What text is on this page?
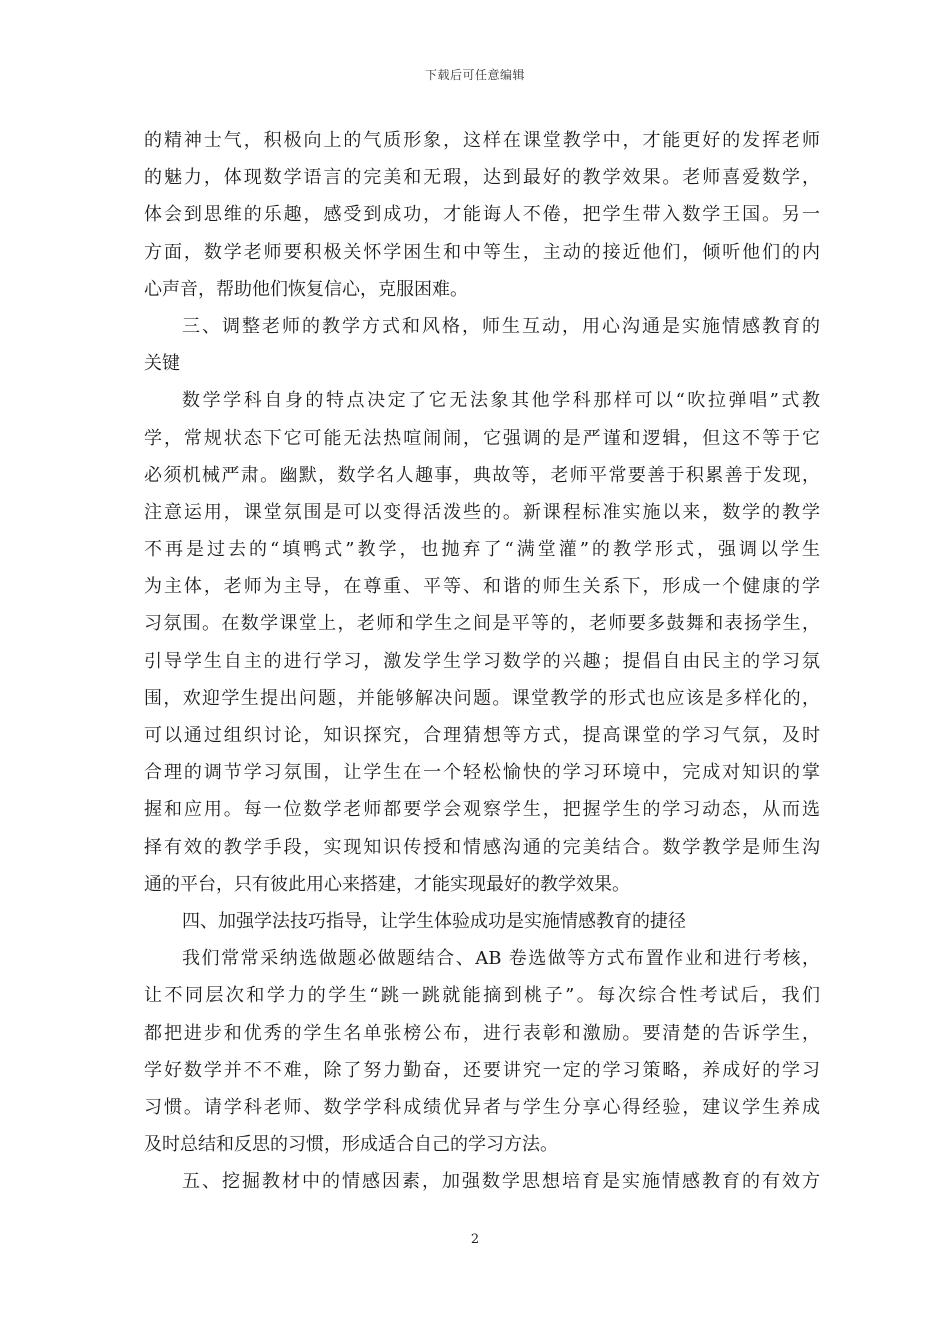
下载后可任意编辑
的精神士气，积极向上的气质形象，这样在课堂教学中，才能更好的发挥老师
的魅力，体现数学语言的完美和无瑕，达到最好的教学效果。老师喜爱数学，
体会到思维的乐趣，感受到成功，才能诲人不倦，把学生带入数学王国。另一
方面，数学老师要积极关怀学困生和中等生，主动的接近他们，倾听他们的内
心声音，帮助他们恢复信心，克服困难。
三、调整老师的教学方式和风格，师生互动，用心沟通是实施情感教育的
关键
数学学科自身的特点决定了它无法象其他学科那样可以“吹拉弹唱”式教
学，常规状态下它可能无法热喧闹闹，它强调的是严谨和逻辑，但这不等于它
必须机械严肃。幽默，数学名人趣事，典故等，老师平常要善于积累善于发现，
注意运用，课堂氛围是可以变得活泼些的。新课程标准实施以来，数学的教学
不再是过去的“填鸭式”教学，也抛弃了“满堂灌”的教学形式，强调以学生
为主体，老师为主导，在尊重、平等、和谐的师生关系下，形成一个健康的学
习氛围。在数学课堂上，老师和学生之间是平等的，老师要多鼓舞和表扬学生，
引导学生自主的进行学习，激发学生学习数学的兴趣；提倡自由民主的学习氛
围，欢迎学生提出问题，并能够解决问题。课堂教学的形式也应该是多样化的，
可以通过组织讨论，知识探究，合理猜想等方式，提高课堂的学习气氛，及时
合理的调节学习氛围，让学生在一个轻松愉快的学习环境中，完成对知识的掌
握和应用。每一位数学老师都要学会观察学生，把握学生的学习动态，从而选
择有效的教学手段，实现知识传授和情感沟通的完美结合。数学教学是师生沟
通的平台，只有彼此用心来搭建，才能实现最好的教学效果。
四、加强学法技巧指导，让学生体验成功是实施情感教育的捷径
我们常常采纳选做题必做题结合、AB 卷选做等方式布置作业和进行考核，
让不同层次和学力的学生“跳一跳就能摘到桃子”。每次综合性考试后，我们
都把进步和优秀的学生名单张榜公布，进行表彰和激励。要清楚的告诉学生，
学好数学并不不难，除了努力勤奋，还要讲究一定的学习策略，养成好的学习
习惯。请学科老师、数学学科成绩优异者与学生分享心得经验，建议学生养成
及时总结和反思的习惯，形成适合自己的学习方法。
五、挖掘教材中的情感因素，加强数学思想培育是实施情感教育的有效方
2
